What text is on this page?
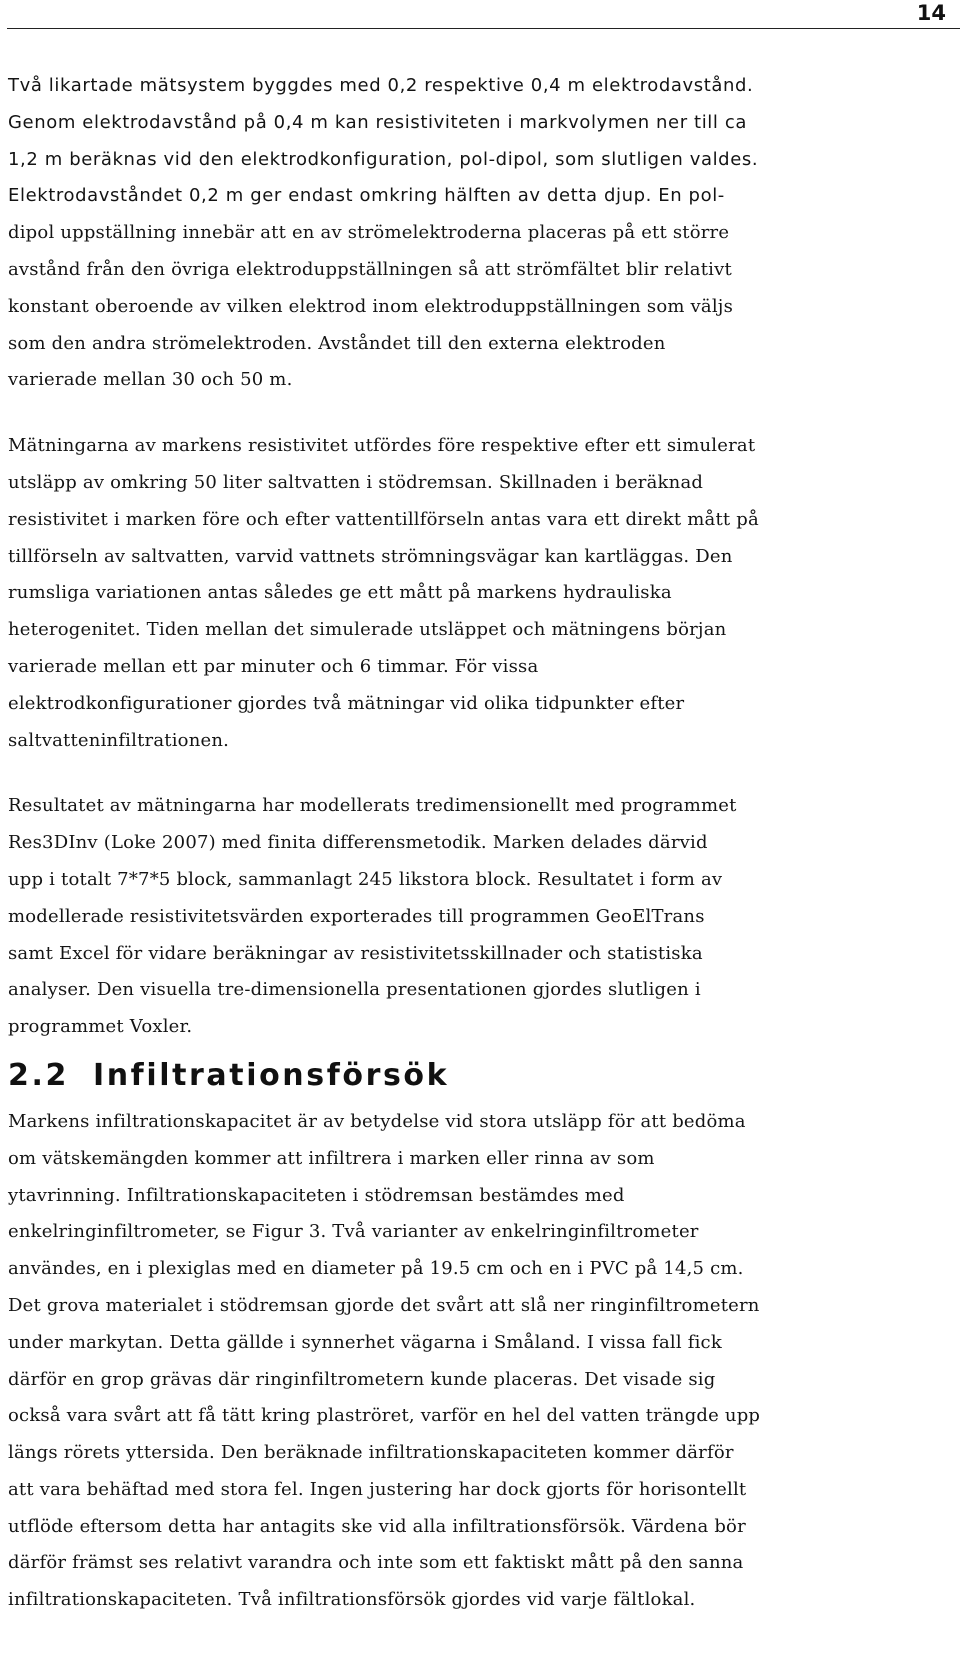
14

Två likartade mätsystem byggdes med 0,2 respektive 0,4 m elektrodavstånd.
Genom elektrodavstånd på 0,4 m kan resistiviteten i markvolymen ner till ca
1,2 m beräknas vid den elektrodkonfiguration, pol-dipol, som slutligen valdes.
Elektrodavståndet 0,2 m ger endast omkring hälften av detta djup. En pol-
dipol uppställning innebär att en av strömelektroderna placeras på ett större
avstånd från den övriga elektroduppställningen så att strömfältet blir relativt
konstant oberoende av vilken elektrod inom elektroduppställningen som väljs
som den andra strömelektroden. Avståndet till den externa elektroden
varierade mellan 30 och 50 m.

Mätningarna av markens resistivitet utfördes före respektive efter ett simulerat
utsläpp av omkring 50 liter saltvatten i stödremsan. Skillnaden i beräknad
resistivitet i marken före och efter vattentillförseln antas vara ett direkt mått på
tillförseln av saltvatten, varvid vattnets strömningsvägar kan kartläggas. Den
rumsliga variationen antas således ge ett mått på markens hydrauliska
heterogenitet. Tiden mellan det simulerade utsläppet och mätningens början
varierade mellan ett par minuter och 6 timmar. För vissa
elektrodkonfigurationer gjordes två mätningar vid olika tidpunkter efter
saltvatteninfiltrationen.

Resultatet av mätningarna har modellerats tredimensionellt med programmet
Res3DInv (Loke 2007) med finita differensmetodik. Marken delades därvid
upp i totalt 7*7*5 block, sammanlagt 245 likstora block. Resultatet i form av
modellerade resistivitetsvärden exporterades till programmen GeoElTrans
samt Excel för vidare beräkningar av resistivitetsskillnader och statistiska
analyser. Den visuella tre-dimensionella presentationen gjordes slutligen i
programmet Voxler.

2.2 Infiltrationsförsök

Markens infiltrationskapacitet är av betydelse vid stora utsläpp för att bedöma
om vätskemängden kommer att infiltrera i marken eller rinna av som
ytavrinning. Infiltrationskapaciteten i stödremsan bestämdes med
enkelringinfiltrometer, se Figur 3. Två varianter av enkelringinfiltrometer
användes, en i plexiglas med en diameter på 19.5 cm och en i PVC på 14,5 cm.
Det grova materialet i stödremsan gjorde det svårt att slå ner ringinfiltrometern
under markytan. Detta gällde i synnerhet vägarna i Småland. I vissa fall fick
därför en grop grävas där ringinfiltrometern kunde placeras. Det visade sig
också vara svårt att få tätt kring plaströret, varför en hel del vatten trängde upp
längs rörets yttersida. Den beräknade infiltrationskapaciteten kommer därför
att vara behäftad med stora fel. Ingen justering har dock gjorts för horisontellt
utflöde eftersom detta har antagits ske vid alla infiltrationsförsök. Värdena bör
därför främst ses relativt varandra och inte som ett faktiskt mått på den sanna
infiltrationskapaciteten. Två infiltrationsförsök gjordes vid varje fältlokal.
